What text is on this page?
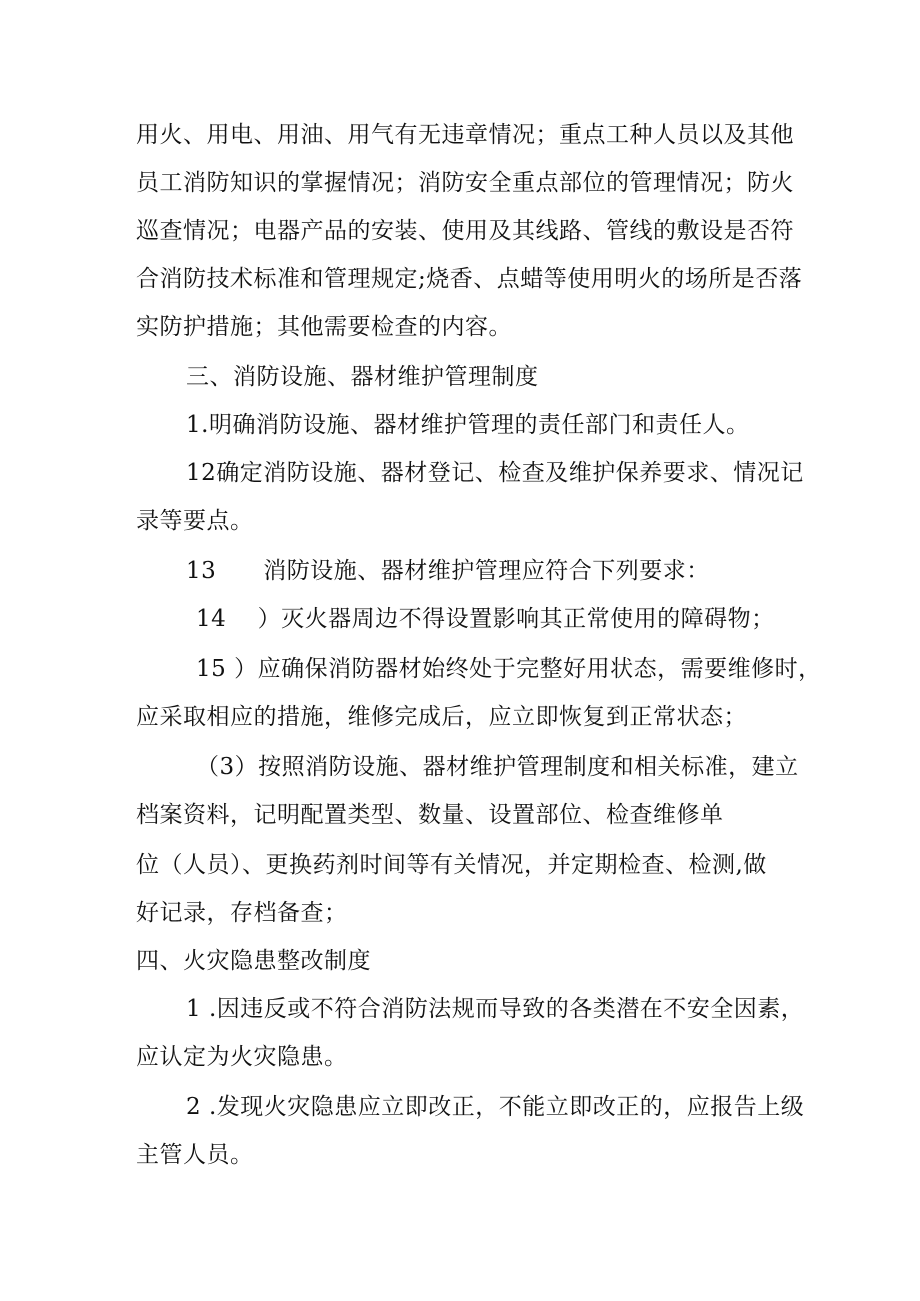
用火、用电、用油、用气有无违章情况；重点工种人员以及其他
员工消防知识的掌握情况；消防安全重点部位的管理情况；防火
巡查情况；电器产品的安装、使用及其线路、管线的敷设是否符
合消防技术标准和管理规定;烧香、点蜡等使用明火的场所是否落
实防护措施；其他需要检查的内容。
三、消防设施、器材维护管理制度
1.明确消防设施、器材维护管理的责任部门和责任人。
12确定消防设施、器材登记、检查及维护保养要求、情况记
录等要点。
13　　消防设施、器材维护管理应符合下列要求：
14　 ）灭火器周边不得设置影响其正常使用的障碍物；
15 ）应确保消防器材始终处于完整好用状态，需要维修时，
应采取相应的措施，维修完成后，应立即恢复到正常状态；
（3）按照消防设施、器材维护管理制度和相关标准，建立
档案资料，记明配置类型、数量、设置部位、检查维修单
位（人员）、更换药剂时间等有关情况，并定期检查、检测,做
好记录，存档备查；
四、火灾隐患整改制度
1 .因违反或不符合消防法规而导致的各类潜在不安全因素，
应认定为火灾隐患。
2 .发现火灾隐患应立即改正，不能立即改正的，应报告上级
主管人员。
